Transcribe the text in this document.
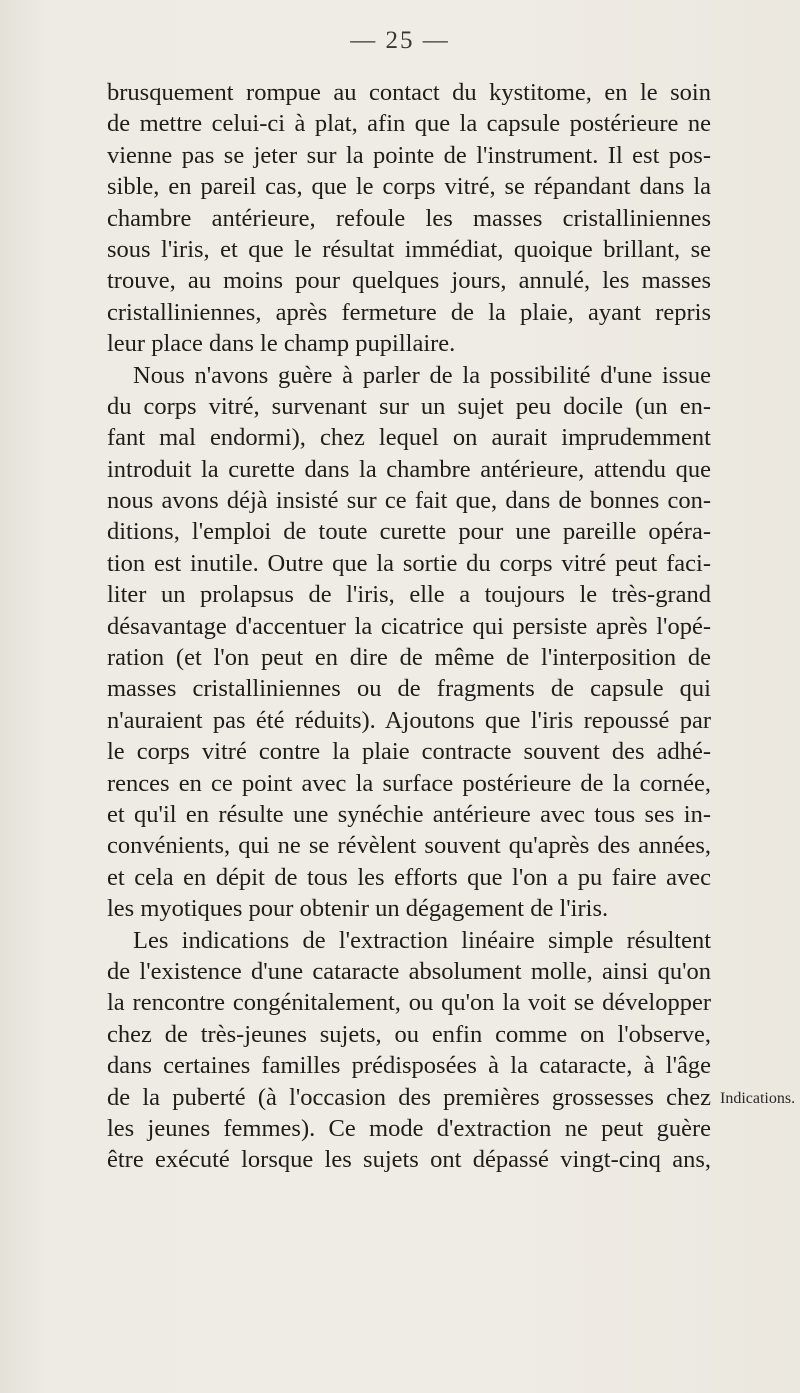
— 25 —
brusquement rompue au contact du kystitome, en le soin
de mettre celui-ci à plat, afin que la capsule postérieure ne
vienne pas se jeter sur la pointe de l'instrument. Il est pos-
sible, en pareil cas, que le corps vitré, se répandant dans la
chambre antérieure, refoule les masses cristalliniennes
sous l'iris, et que le résultat immédiat, quoique brillant, se
trouve, au moins pour quelques jours, annulé, les masses
cristalliniennes, après fermeture de la plaie, ayant repris
leur place dans le champ pupillaire.
Nous n'avons guère à parler de la possibilité d'une issue
du corps vitré, survenant sur un sujet peu docile (un en-
fant mal endormi), chez lequel on aurait imprudemment
introduit la curette dans la chambre antérieure, attendu que
nous avons déjà insisté sur ce fait que, dans de bonnes con-
ditions, l'emploi de toute curette pour une pareille opéra-
tion est inutile. Outre que la sortie du corps vitré peut faci-
liter un prolapsus de l'iris, elle a toujours le très-grand
désavantage d'accentuer la cicatrice qui persiste après l'opé-
ration (et l'on peut en dire de même de l'interposition de
masses cristalliniennes ou de fragments de capsule qui
n'auraient pas été réduits). Ajoutons que l'iris repoussé par
le corps vitré contre la plaie contracte souvent des adhé-
rences en ce point avec la surface postérieure de la cornée,
et qu'il en résulte une synéchie antérieure avec tous ses in-
convénients, qui ne se révèlent souvent qu'après des années,
et cela en dépit de tous les efforts que l'on a pu faire avec
les myotiques pour obtenir un dégagement de l'iris.
Les indications de l'extraction linéaire simple résultent
de l'existence d'une cataracte absolument molle, ainsi qu'on
la rencontre congénitalement, ou qu'on la voit se développer
chez de très-jeunes sujets, ou enfin comme on l'observe,
dans certaines familles prédisposées à la cataracte, à l'âge
de la puberté (à l'occasion des premières grossesses chez
les jeunes femmes). Ce mode d'extraction ne peut guère
être exécuté lorsque les sujets ont dépassé vingt-cinq ans,
Indications.
